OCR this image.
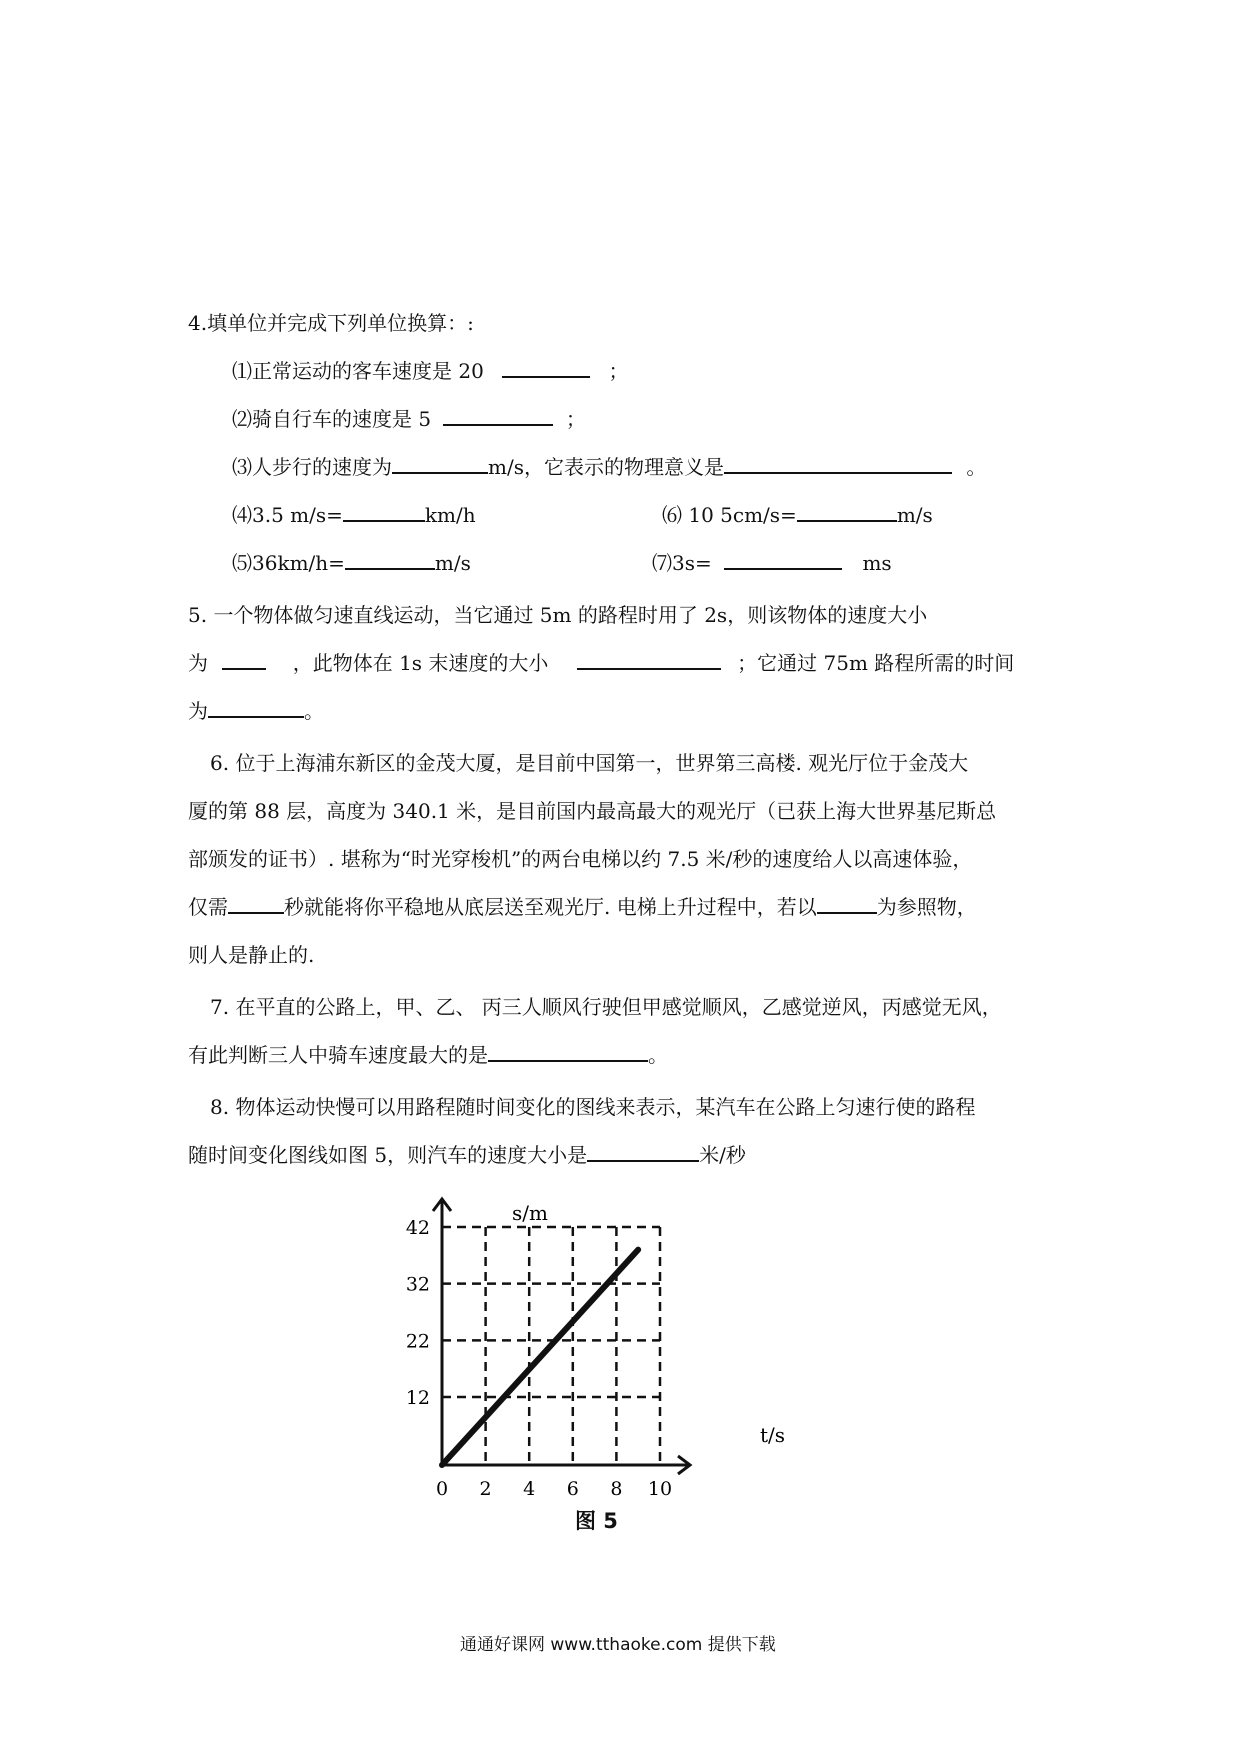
4.填单位并完成下列单位换算：:
⑴正常运动的客车速度是 20	；
⑵骑自行车的速度是 5	；
⑶人步行的速度为	m/s，它表示的物理意义是	。
⑷3.5 m/s=	km/h	⑹ 10 5cm/s=	m/s
⑸36km/h=	m/s	⑺3s=	ms
5. 一个物体做匀速直线运动，当它通过 5m 的路程时用了 2s，则该物体的速度大小
为	，此物体在 1s 末速度的大小	；它通过 75m 路程所需的时间
为	。
6. 位于上海浦东新区的金茂大厦，是目前中国第一，世界第三高楼. 观光厅位于金茂大
厦的第 88 层，高度为 340.1 米，是目前国内最高最大的观光厅（已获上海大世界基尼斯总
部颁发的证书）. 堪称为“时光穿梭机”的两台电梯以约 7.5 米/秒的速度给人以高速体验，
仅需	秒就能将你平稳地从底层送至观光厅. 电梯上升过程中，若以	为参照物，
则人是静止的.
7. 在平直的公路上，甲、乙、 丙三人顺风行驶但甲感觉顺风，乙感觉逆风，丙感觉无风，
有此判断三人中骑车速度最大的是	。
8. 物体运动快慢可以用路程随时间变化的图线来表示，某汽车在公路上匀速行使的路程
随时间变化图线如图 5，则汽车的速度大小是	米/秒
12
22
32
42
0 2 4 6 8 10
s/m
t/s
图 5
通通好课网 www.tthaoke.com 提供下载
